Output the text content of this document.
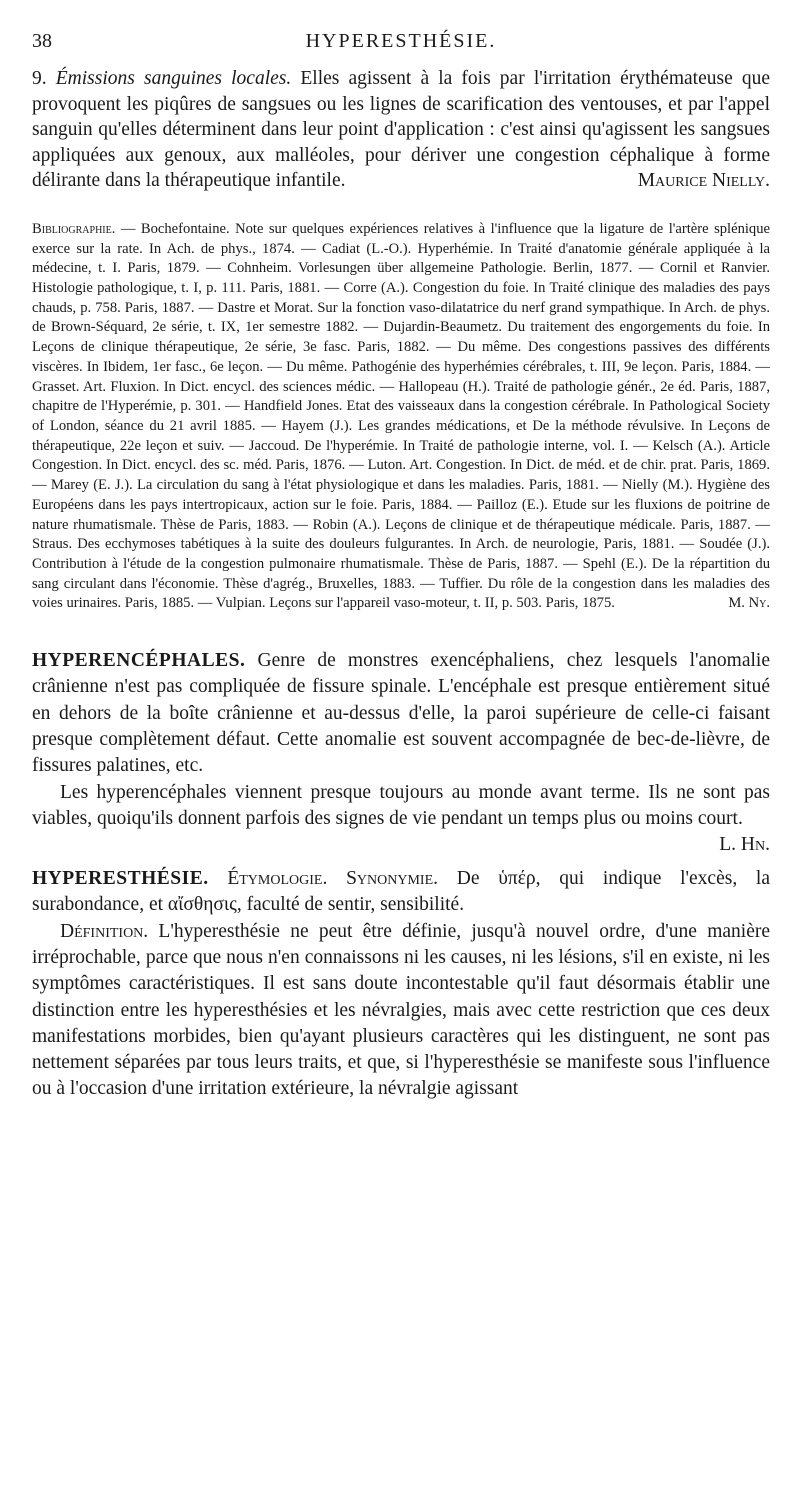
38	HYPERESTHÉSIE.

9. Émissions sanguines locales. Elles agissent à la fois par l'irritation érythémateuse que provoquent les piqûres de sangsues ou les lignes de scarification des ventouses, et par l'appel sanguin qu'elles déterminent dans leur point d'application : c'est ainsi qu'agissent les sangsues appliquées aux genoux, aux malléoles, pour dériver une congestion céphalique à forme délirante dans la thérapeutique infantile.	Maurice Nielly.

Bibliographie. — Bochefontaine. Note sur quelques expériences relatives à l'influence que la ligature de l'artère splénique exerce sur la rate. In Ach. de phys., 1874. — Cadiat (L.-O.). Hyperhémie. In Traité d'anatomie générale appliquée à la médecine, t. I. Paris, 1879. — Cohnheim. Vorlesungen über allgemeine Pathologie. Berlin, 1877. — Cornil et Ranvier. Histologie pathologique, t. I, p. 111. Paris, 1881. — Corre (A.). Congestion du foie. In Traité clinique des maladies des pays chauds, p. 758. Paris, 1887. — Dastre et Morat. Sur la fonction vaso-dilatatrice du nerf grand sympathique. In Arch. de phys. de Brown-Séquard, 2e série, t. IX, 1er semestre 1882. — Dujardin-Beaumetz. Du traitement des engorgements du foie. In Leçons de clinique thérapeutique, 2e série, 3e fasc. Paris, 1882. — Du même. Des congestions passives des différents viscères. In Ibidem, 1er fasc., 6e leçon. — Du même. Pathogénie des hyperhémies cérébrales, t. III, 9e leçon. Paris, 1884. — Grasset. Art. Fluxion. In Dict. encycl. des sciences médic. — Hallopeau (H.). Traité de pathologie génér., 2e éd. Paris, 1887, chapitre de l'Hyperémie, p. 301. — Handfield Jones. Etat des vaisseaux dans la congestion cérébrale. In Pathological Society of London, séance du 21 avril 1885. — Hayem (J.). Les grandes médications, et De la méthode révulsive. In Leçons de thérapeutique, 22e leçon et suiv. — Jaccoud. De l'hyperémie. In Traité de pathologie interne, vol. I. — Kelsch (A.). Article Congestion. In Dict. encycl. des sc. méd. Paris, 1876. — Luton. Art. Congestion. In Dict. de méd. et de chir. prat. Paris, 1869. — Marey (E. J.). La circulation du sang à l'état physiologique et dans les maladies. Paris, 1881. — Nielly (M.). Hygiène des Européens dans les pays intertropicaux, action sur le foie. Paris, 1884. — Pailloz (E.). Etude sur les fluxions de poitrine de nature rhumatismale. Thèse de Paris, 1883. — Robin (A.). Leçons de clinique et de thérapeutique médicale. Paris, 1887. — Straus. Des ecchymoses tabétiques à la suite des douleurs fulgurantes. In Arch. de neurologie, Paris, 1881. — Soudée (J.). Contribution à l'étude de la congestion pulmonaire rhumatismale. Thèse de Paris, 1887. — Spehl (E.). De la répartition du sang circulant dans l'économie. Thèse d'agrég., Bruxelles, 1883. — Tuffier. Du rôle de la congestion dans les maladies des voies urinaires. Paris, 1885. — Vulpian. Leçons sur l'appareil vaso-moteur, t. II, p. 503. Paris, 1875.	M. Ny.

HYPERENCÉPHALES. Genre de monstres exencéphaliens, chez lesquels l'anomalie crânienne n'est pas compliquée de fissure spinale. L'encéphale est presque entièrement situé en dehors de la boîte crânienne et au-dessus d'elle, la paroi supérieure de celle-ci faisant presque complètement défaut. Cette anomalie est souvent accompagnée de bec-de-lièvre, de fissures palatines, etc.

Les hyperencéphales viennent presque toujours au monde avant terme. Ils ne sont pas viables, quoiqu'ils donnent parfois des signes de vie pendant un temps plus ou moins court.
L. Hn.

HYPERESTHÉSIE. Étymologie. Synonymie. De ὑπέρ, qui indique l'excès, la surabondance, et αἴσθησις, faculté de sentir, sensibilité.

Définition. L'hyperesthésie ne peut être définie, jusqu'à nouvel ordre, d'une manière irréprochable, parce que nous n'en connaissons ni les causes, ni les lésions, s'il en existe, ni les symptômes caractéristiques. Il est sans doute incontestable qu'il faut désormais établir une distinction entre les hyperesthésies et les névralgies, mais avec cette restriction que ces deux manifestations morbides, bien qu'ayant plusieurs caractères qui les distinguent, ne sont pas nettement séparées par tous leurs traits, et que, si l'hyperesthésie se manifeste sous l'influence ou à l'occasion d'une irritation extérieure, la névralgie agissant
